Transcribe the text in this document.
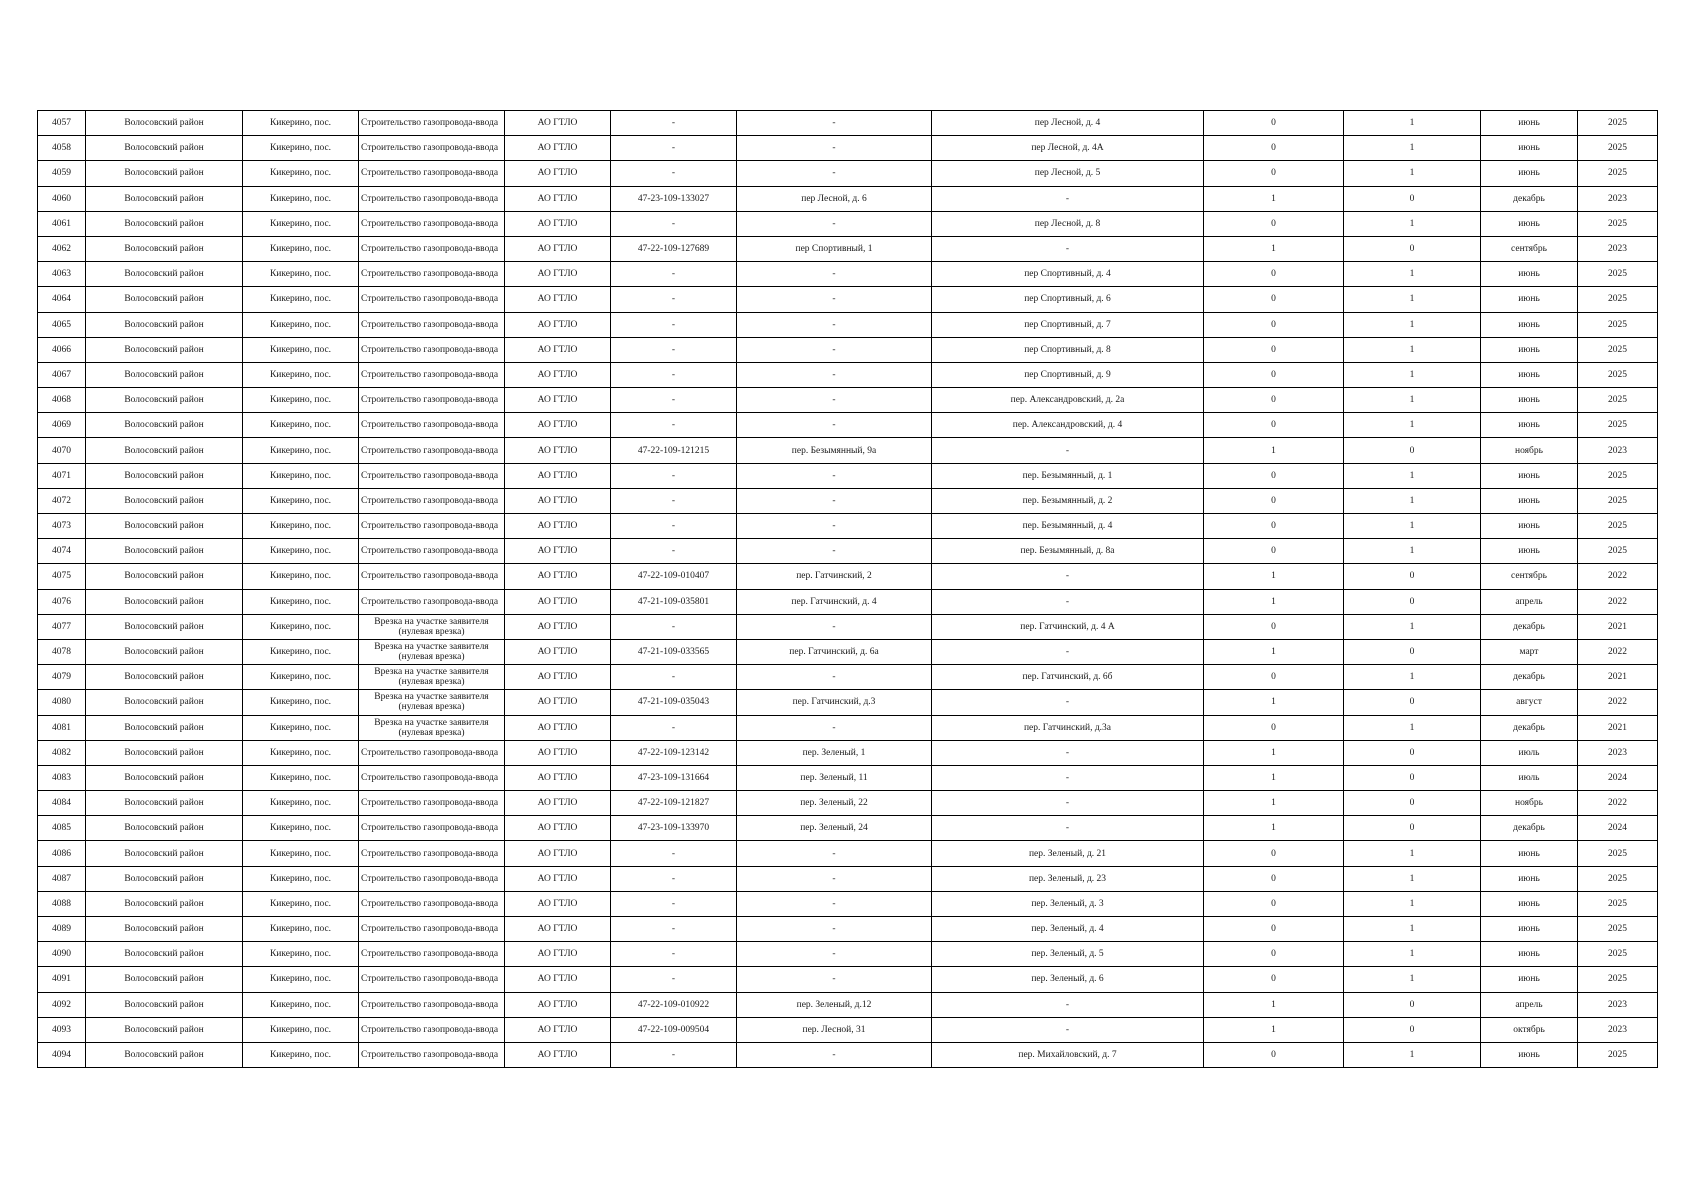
4057	Волосовский район	Кикерино, пос.	Строительство газопровода-ввода	АО ГТЛО	-	-	пер Лесной, д. 4	0	1	июнь	2025
4058	Волосовский район	Кикерино, пос.	Строительство газопровода-ввода	АО ГТЛО	-	-	пер Лесной, д. 4А	0	1	июнь	2025
4059	Волосовский район	Кикерино, пос.	Строительство газопровода-ввода	АО ГТЛО	-	-	пер Лесной, д. 5	0	1	июнь	2025
4060	Волосовский район	Кикерино, пос.	Строительство газопровода-ввода	АО ГТЛО	47-23-109-133027	пер Лесной, д. 6	-	1	0	декабрь	2023
4061	Волосовский район	Кикерино, пос.	Строительство газопровода-ввода	АО ГТЛО	-	-	пер Лесной, д. 8	0	1	июнь	2025
4062	Волосовский район	Кикерино, пос.	Строительство газопровода-ввода	АО ГТЛО	47-22-109-127689	пер Спортивный, 1	-	1	0	сентябрь	2023
4063	Волосовский район	Кикерино, пос.	Строительство газопровода-ввода	АО ГТЛО	-	-	пер Спортивный, д. 4	0	1	июнь	2025
4064	Волосовский район	Кикерино, пос.	Строительство газопровода-ввода	АО ГТЛО	-	-	пер Спортивный, д. 6	0	1	июнь	2025
4065	Волосовский район	Кикерино, пос.	Строительство газопровода-ввода	АО ГТЛО	-	-	пер Спортивный, д. 7	0	1	июнь	2025
4066	Волосовский район	Кикерино, пос.	Строительство газопровода-ввода	АО ГТЛО	-	-	пер Спортивный, д. 8	0	1	июнь	2025
4067	Волосовский район	Кикерино, пос.	Строительство газопровода-ввода	АО ГТЛО	-	-	пер Спортивный, д. 9	0	1	июнь	2025
4068	Волосовский район	Кикерино, пос.	Строительство газопровода-ввода	АО ГТЛО	-	-	пер. Александровский, д. 2а	0	1	июнь	2025
4069	Волосовский район	Кикерино, пос.	Строительство газопровода-ввода	АО ГТЛО	-	-	пер. Александровский, д. 4	0	1	июнь	2025
4070	Волосовский район	Кикерино, пос.	Строительство газопровода-ввода	АО ГТЛО	47-22-109-121215	пер. Безымянный, 9а	-	1	0	ноябрь	2023
4071	Волосовский район	Кикерино, пос.	Строительство газопровода-ввода	АО ГТЛО	-	-	пер. Безымянный, д. 1	0	1	июнь	2025
4072	Волосовский район	Кикерино, пос.	Строительство газопровода-ввода	АО ГТЛО	-	-	пер. Безымянный, д. 2	0	1	июнь	2025
4073	Волосовский район	Кикерино, пос.	Строительство газопровода-ввода	АО ГТЛО	-	-	пер. Безымянный, д. 4	0	1	июнь	2025
4074	Волосовский район	Кикерино, пос.	Строительство газопровода-ввода	АО ГТЛО	-	-	пер. Безымянный, д. 8а	0	1	июнь	2025
4075	Волосовский район	Кикерино, пос.	Строительство газопровода-ввода	АО ГТЛО	47-22-109-010407	пер. Гатчинский, 2	-	1	0	сентябрь	2022
4076	Волосовский район	Кикерино, пос.	Строительство газопровода-ввода	АО ГТЛО	47-21-109-035801	пер. Гатчинский, д. 4	-	1	0	апрель	2022
4077	Волосовский район	Кикерино, пос.	Врезка на участке заявителя (нулевая врезка)	АО ГТЛО	-	-	пер. Гатчинский, д. 4 А	0	1	декабрь	2021
4078	Волосовский район	Кикерино, пос.	Врезка на участке заявителя (нулевая врезка)	АО ГТЛО	47-21-109-033565	пер. Гатчинский, д. 6а	-	1	0	март	2022
4079	Волосовский район	Кикерино, пос.	Врезка на участке заявителя (нулевая врезка)	АО ГТЛО	-	-	пер. Гатчинский, д. 6б	0	1	декабрь	2021
4080	Волосовский район	Кикерино, пос.	Врезка на участке заявителя (нулевая врезка)	АО ГТЛО	47-21-109-035043	пер. Гатчинский, д.3	-	1	0	август	2022
4081	Волосовский район	Кикерино, пос.	Врезка на участке заявителя (нулевая врезка)	АО ГТЛО	-	-	пер. Гатчинский, д.3а	0	1	декабрь	2021
4082	Волосовский район	Кикерино, пос.	Строительство газопровода-ввода	АО ГТЛО	47-22-109-123142	пер. Зеленый, 1	-	1	0	июль	2023
4083	Волосовский район	Кикерино, пос.	Строительство газопровода-ввода	АО ГТЛО	47-23-109-131664	пер. Зеленый, 11	-	1	0	июль	2024
4084	Волосовский район	Кикерино, пос.	Строительство газопровода-ввода	АО ГТЛО	47-22-109-121827	пер. Зеленый, 22	-	1	0	ноябрь	2022
4085	Волосовский район	Кикерино, пос.	Строительство газопровода-ввода	АО ГТЛО	47-23-109-133970	пер. Зеленый, 24	-	1	0	декабрь	2024
4086	Волосовский район	Кикерино, пос.	Строительство газопровода-ввода	АО ГТЛО	-	-	пер. Зеленый, д. 21	0	1	июнь	2025
4087	Волосовский район	Кикерино, пос.	Строительство газопровода-ввода	АО ГТЛО	-	-	пер. Зеленый, д. 23	0	1	июнь	2025
4088	Волосовский район	Кикерино, пос.	Строительство газопровода-ввода	АО ГТЛО	-	-	пер. Зеленый, д. 3	0	1	июнь	2025
4089	Волосовский район	Кикерино, пос.	Строительство газопровода-ввода	АО ГТЛО	-	-	пер. Зеленый, д. 4	0	1	июнь	2025
4090	Волосовский район	Кикерино, пос.	Строительство газопровода-ввода	АО ГТЛО	-	-	пер. Зеленый, д. 5	0	1	июнь	2025
4091	Волосовский район	Кикерино, пос.	Строительство газопровода-ввода	АО ГТЛО	-	-	пер. Зеленый, д. 6	0	1	июнь	2025
4092	Волосовский район	Кикерино, пос.	Строительство газопровода-ввода	АО ГТЛО	47-22-109-010922	пер. Зеленый, д.12	-	1	0	апрель	2023
4093	Волосовский район	Кикерино, пос.	Строительство газопровода-ввода	АО ГТЛО	47-22-109-009504	пер. Лесной, 31	-	1	0	октябрь	2023
4094	Волосовский район	Кикерино, пос.	Строительство газопровода-ввода	АО ГТЛО	-	-	пер. Михайловский, д. 7	0	1	июнь	2025
